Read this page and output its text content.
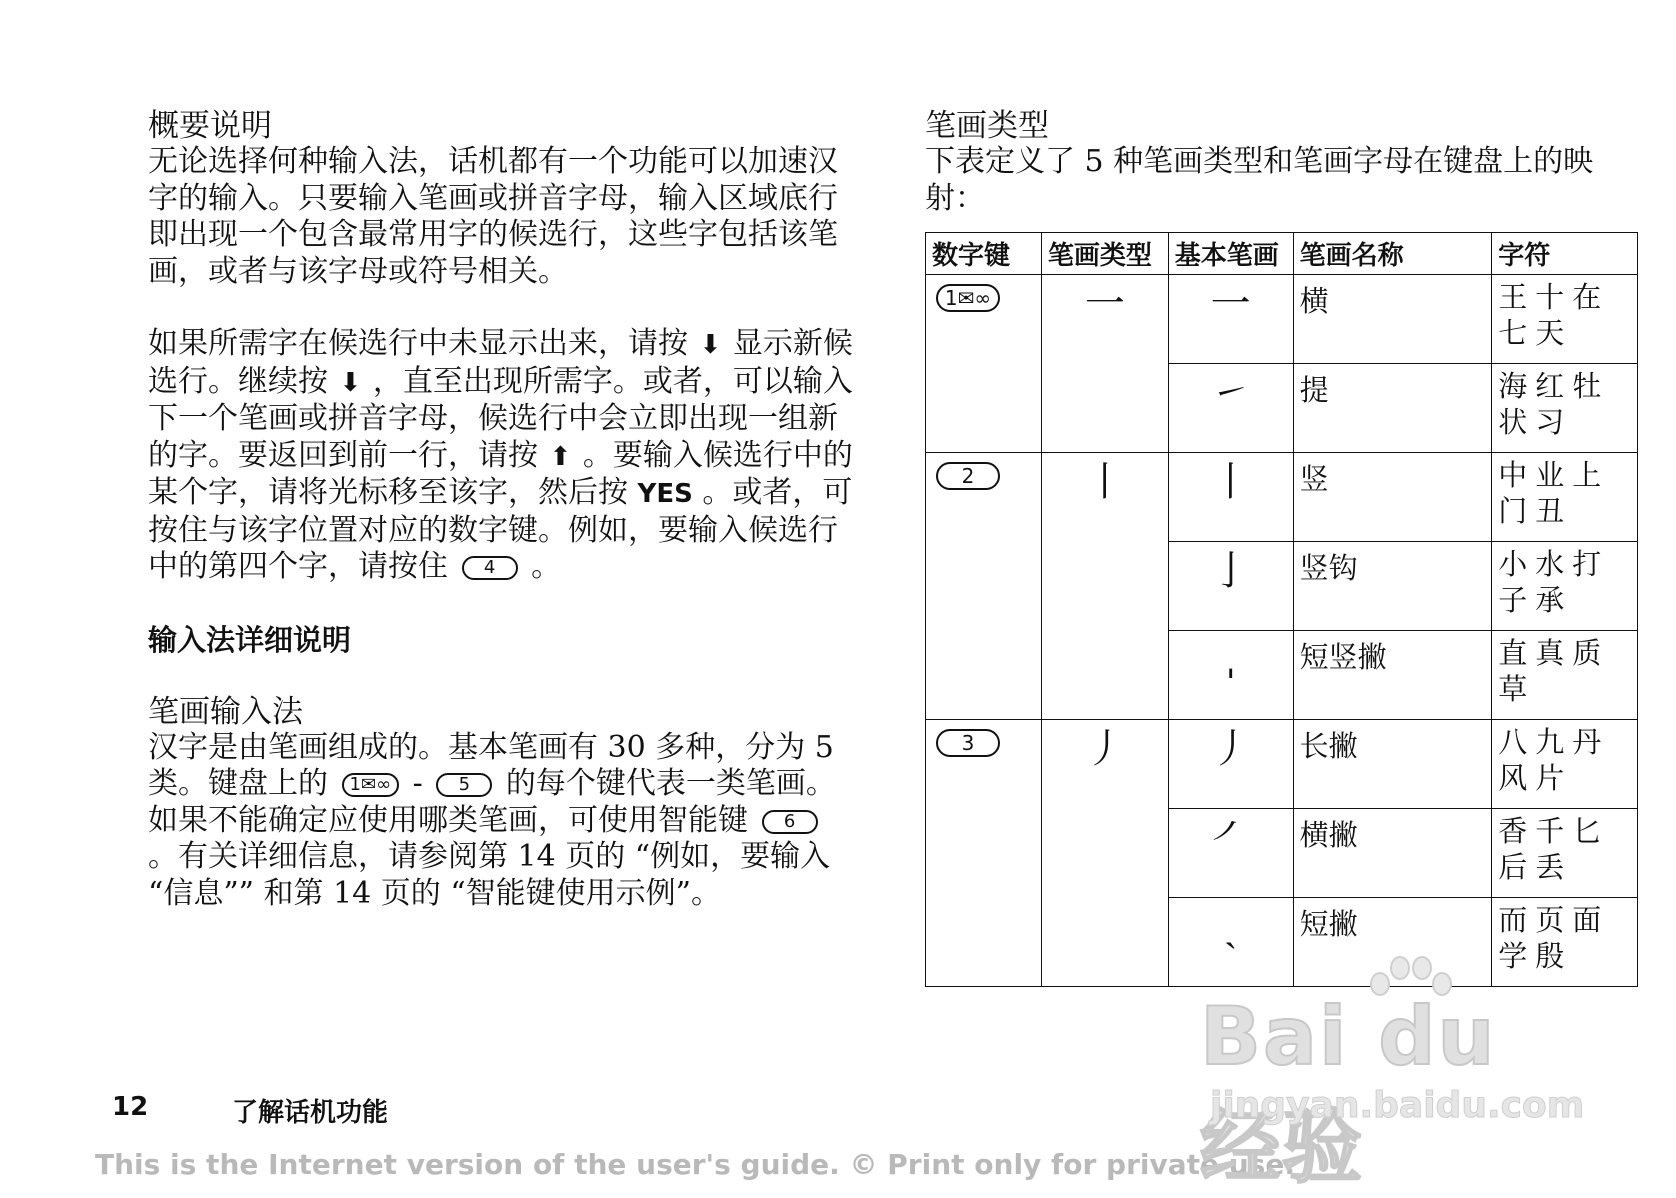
概要说明

无论选择何种输入法，话机都有一个功能可以加速汉字的输入。只要输入笔画或拼音字母，输入区域底行即出现一个包含最常用字的候选行，这些字包括该笔画，或者与该字母或符号相关。

如果所需字在候选行中未显示出来，请按 ⬇ 显示新候选行。继续按 ⬇ ，直至出现所需字。或者，可以输入下一个笔画或拼音字母，候选行中会立即出现一组新的字。要返回到前一行，请按 ⬆ 。要输入候选行中的某个字，请将光标移至该字，然后按 YES 。或者，可按住与该字位置对应的数字键。例如，要输入候选行中的第四个字，请按住 4 。

输入法详细说明

笔画输入法

汉字是由笔画组成的。基本笔画有 30 多种，分为 5 类。键盘上的 1✉∞ - 5 的每个键代表一类笔画。如果不能确定应使用哪类笔画，可使用智能键 6 。有关详细信息，请参阅第 14 页的 “例如，要输入 “信息”” 和第 14 页的 “智能键使用示例”。

笔画类型

下表定义了 5 种笔画类型和笔画字母在键盘上的映射：

数字键	笔画类型	基本笔画	笔画名称	字符
1✉∞	一	一	横	王十在七天
		㇀	提	海红牡状习
2	丨	丨	竖	中业上门丑
		亅	竖钩	小水打子承
		ˌ	短竖撇	直真质草
3	丿	丿	长撇	八九丹风片
		㇒	横撇	香千匕后丢
		ˏ	短撇	而页面学殷
12	了解话机功能
This is the Internet version of the user's guide. © Print only for private use.
Bai du 经验
jingyan.baidu.com
